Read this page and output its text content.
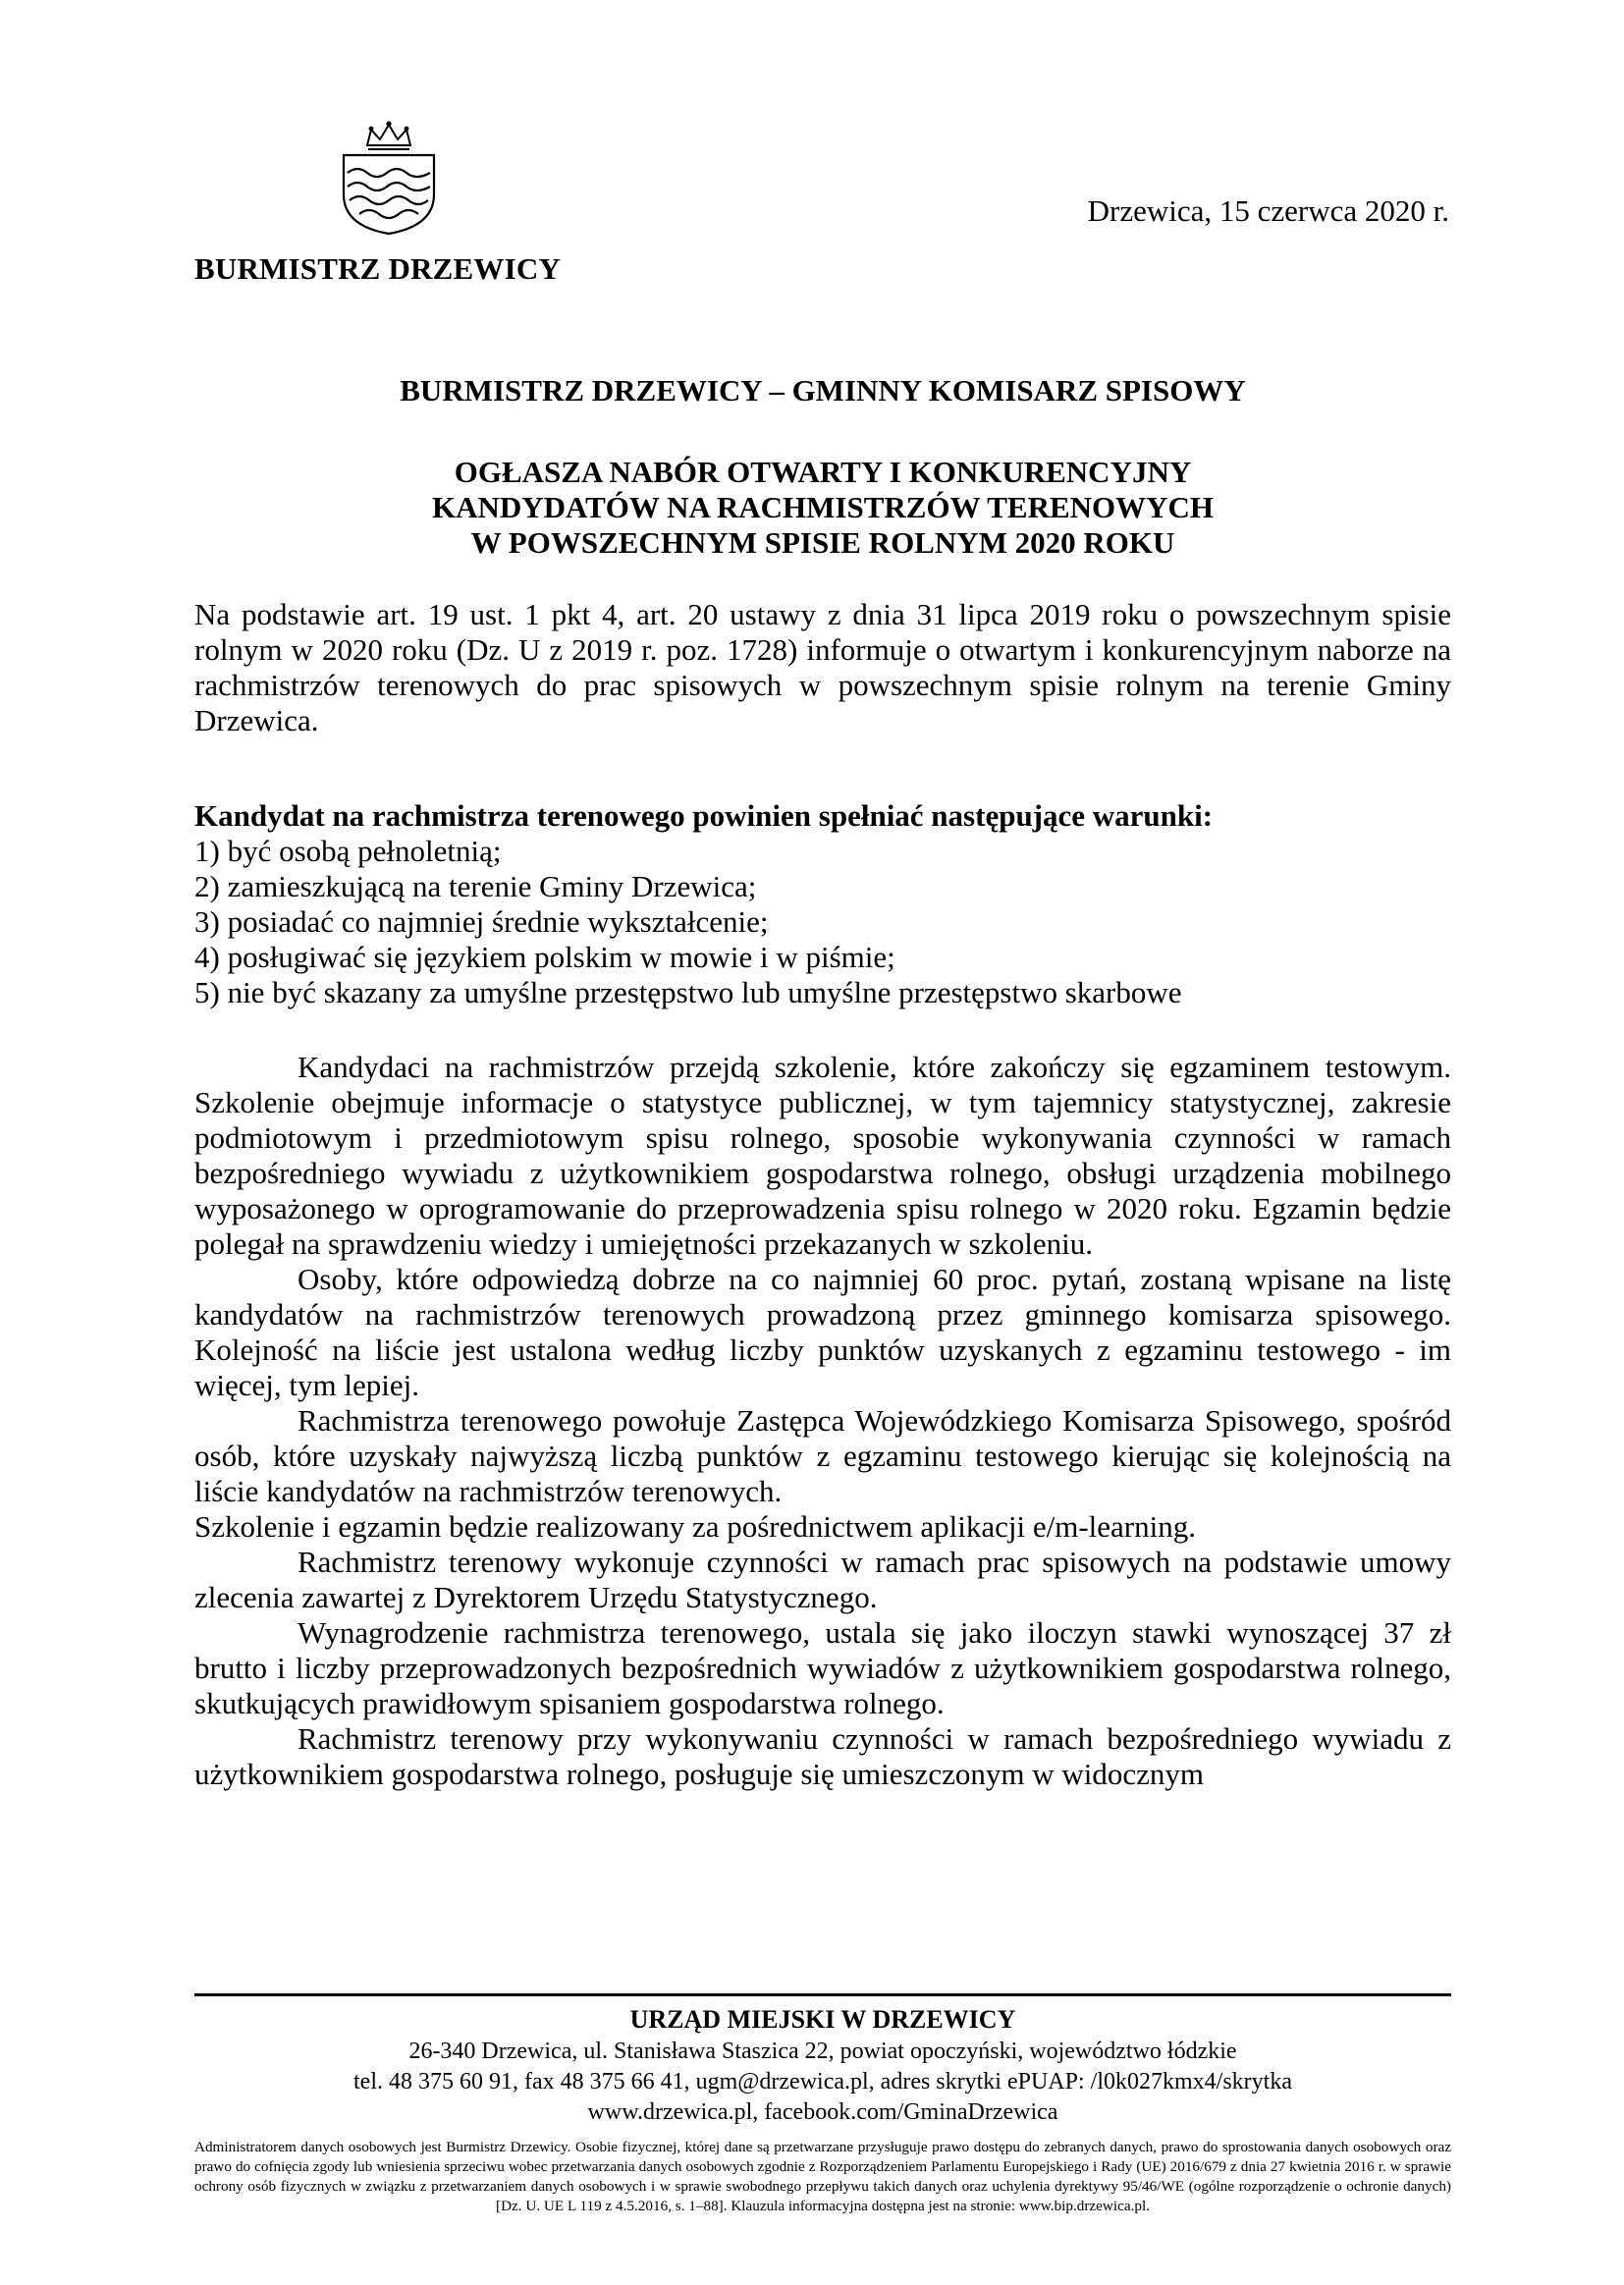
BURMISTRZ DRZEWICY

Drzewica, 15 czerwca 2020 r.

BURMISTRZ DRZEWICY – GMINNY KOMISARZ SPISOWY

OGŁASZA NABÓR OTWARTY I KONKURENCYJNY
KANDYDATÓW NA RACHMISTRZÓW TERENOWYCH
W POWSZECHNYM SPISIE ROLNYM 2020 ROKU

Na podstawie art. 19 ust. 1 pkt 4, art. 20 ustawy z dnia 31 lipca 2019 roku o powszechnym spisie rolnym w 2020 roku (Dz. U z 2019 r. poz. 1728) informuje o otwartym i konkurencyjnym naborze na rachmistrzów terenowych do prac spisowych w powszechnym spisie rolnym na terenie Gminy Drzewica.

Kandydat na rachmistrza terenowego powinien spełniać następujące warunki:

1) być osobą pełnoletnią;
2) zamieszkującą na terenie Gminy Drzewica;
3) posiadać co najmniej średnie wykształcenie;
4) posługiwać się językiem polskim w mowie i w piśmie;
5) nie być skazany za umyślne przestępstwo lub umyślne przestępstwo skarbowe

Kandydaci na rachmistrzów przejdą szkolenie, które zakończy się egzaminem testowym. Szkolenie obejmuje informacje o statystyce publicznej, w tym tajemnicy statystycznej, zakresie podmiotowym i przedmiotowym spisu rolnego, sposobie wykonywania czynności w ramach bezpośredniego wywiadu z użytkownikiem gospodarstwa rolnego, obsługi urządzenia mobilnego wyposażonego w oprogramowanie do przeprowadzenia spisu rolnego w 2020 roku. Egzamin będzie polegał na sprawdzeniu wiedzy i umiejętności przekazanych w szkoleniu.

Osoby, które odpowiedzą dobrze na co najmniej 60 proc. pytań, zostaną wpisane na listę kandydatów na rachmistrzów terenowych prowadzoną przez gminnego komisarza spisowego. Kolejność na liście jest ustalona według liczby punktów uzyskanych z egzaminu testowego - im więcej, tym lepiej.

Rachmistrza terenowego powołuje Zastępca Wojewódzkiego Komisarza Spisowego, spośród osób, które uzyskały najwyższą liczbą punktów z egzaminu testowego kierując się kolejnością na liście kandydatów na rachmistrzów terenowych.

Szkolenie i egzamin będzie realizowany za pośrednictwem aplikacji e/m-learning.

Rachmistrz terenowy wykonuje czynności w ramach prac spisowych na podstawie umowy zlecenia zawartej z Dyrektorem Urzędu Statystycznego.

Wynagrodzenie rachmistrza terenowego, ustala się jako iloczyn stawki wynoszącej 37 zł brutto i liczby przeprowadzonych bezpośrednich wywiadów z użytkownikiem gospodarstwa rolnego, skutkujących prawidłowym spisaniem gospodarstwa rolnego.

Rachmistrz terenowy przy wykonywaniu czynności w ramach bezpośredniego wywiadu z użytkownikiem gospodarstwa rolnego, posługuje się umieszczonym w widocznym

URZĄD MIEJSKI W DRZEWICY

26-340 Drzewica, ul. Stanisława Staszica 22, powiat opoczyński, województwo łódzkie

tel. 48 375 60 91, fax 48 375 66 41, ugm@drzewica.pl, adres skrytki ePUAP: /l0k027kmx4/skrytka

www.drzewica.pl, facebook.com/GminaDrzewica

Administratorem danych osobowych jest Burmistrz Drzewicy. Osobie fizycznej, której dane są przetwarzane przysługuje prawo dostępu do zebranych danych, prawo do sprostowania danych osobowych oraz prawo do cofnięcia zgody lub wniesienia sprzeciwu wobec przetwarzania danych osobowych zgodnie z Rozporządzeniem Parlamentu Europejskiego i Rady (UE) 2016/679 z dnia 27 kwietnia 2016 r. w sprawie ochrony osób fizycznych w związku z przetwarzaniem danych osobowych i w sprawie swobodnego przepływu takich danych oraz uchylenia dyrektywy 95/46/WE (ogólne rozporządzenie o ochronie danych) [Dz. U. UE L 119 z 4.5.2016, s. 1–88]. Klauzula informacyjna dostępna jest na stronie: www.bip.drzewica.pl.
